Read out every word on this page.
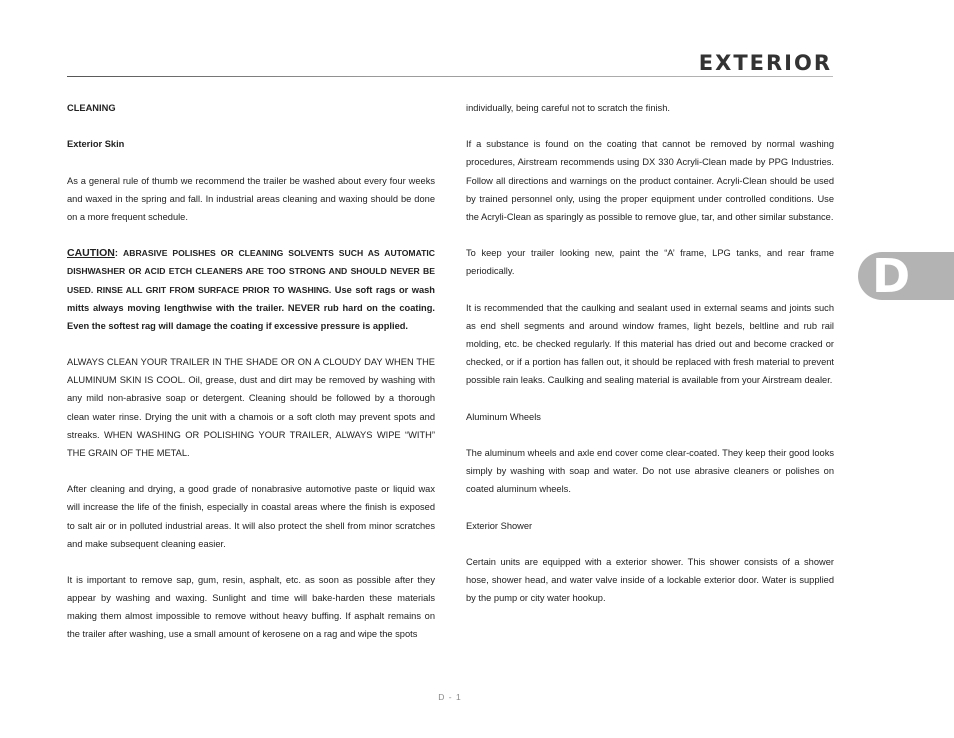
EXTERIOR

CLEANING

Exterior Skin

As a general rule of thumb we recommend the trailer be washed about every four weeks and waxed in the spring and fall. In industrial areas cleaning and waxing should be done on a more frequent schedule.

CAUTION: ABRASIVE POLISHES OR CLEANING SOLVENTS SUCH AS AUTOMATIC DISHWASHER OR ACID ETCH CLEANERS ARE TOO STRONG AND SHOULD NEVER BE USED. RINSE ALL GRIT FROM SURFACE PRIOR TO WASHING. Use soft rags or wash mitts always moving lengthwise with the trailer. NEVER rub hard on the coating. Even the softest rag will damage the coating if excessive pressure is applied.

ALWAYS CLEAN YOUR TRAILER IN THE SHADE OR ON A CLOUDY DAY WHEN THE ALUMINUM SKIN IS COOL. Oil, grease, dust and dirt may be removed by washing with any mild non-abrasive soap or detergent. Cleaning should be followed by a thorough clean water rinse. Drying the unit with a chamois or a soft cloth may prevent spots and streaks. WHEN WASHING OR POLISHING YOUR TRAILER, ALWAYS WIPE “WITH” THE GRAIN OF THE METAL.

After cleaning and drying, a good grade of nonabrasive automotive paste or liquid wax will increase the life of the finish, especially in coastal areas where the finish is exposed to salt air or in polluted industrial areas. It will also protect the shell from minor scratches and make subsequent cleaning easier.

It is important to remove sap, gum, resin, asphalt, etc. as soon as possible after they appear by washing and waxing. Sunlight and time will bake-harden these materials making them almost impossible to remove without heavy buffing. If asphalt remains on the trailer after washing, use a small amount of kerosene on a rag and wipe the spots

individually, being careful not to scratch the finish.

If a substance is found on the coating that cannot be removed by normal washing procedures, Airstream recommends using DX 330 Acryli-Clean made by PPG Industries. Follow all directions and warnings on the product container. Acryli-Clean should be used by trained personnel only, using the proper equipment under controlled conditions. Use the Acryli-Clean as sparingly as possible to remove glue, tar, and other similar substance.

To keep your trailer looking new, paint the “A’ frame, LPG tanks, and rear frame periodically.

It is recommended that the caulking and sealant used in external seams and joints such as end shell segments and around window frames, light bezels, beltline and rub rail molding, etc. be checked regularly. If this material has dried out and become cracked or checked, or if a portion has fallen out, it should be replaced with fresh material to prevent possible rain leaks. Caulking and sealing material is available from your Airstream dealer.

Aluminum Wheels

The aluminum wheels and axle end cover come clear-coated. They keep their good looks simply by washing with soap and water. Do not use abrasive cleaners or polishes on coated aluminum wheels.

Exterior Shower

Certain units are equipped with a exterior shower. This shower consists of a shower hose, shower head, and water valve inside of a lockable exterior door. Water is supplied by the pump or city water hookup.

D
D - 1
